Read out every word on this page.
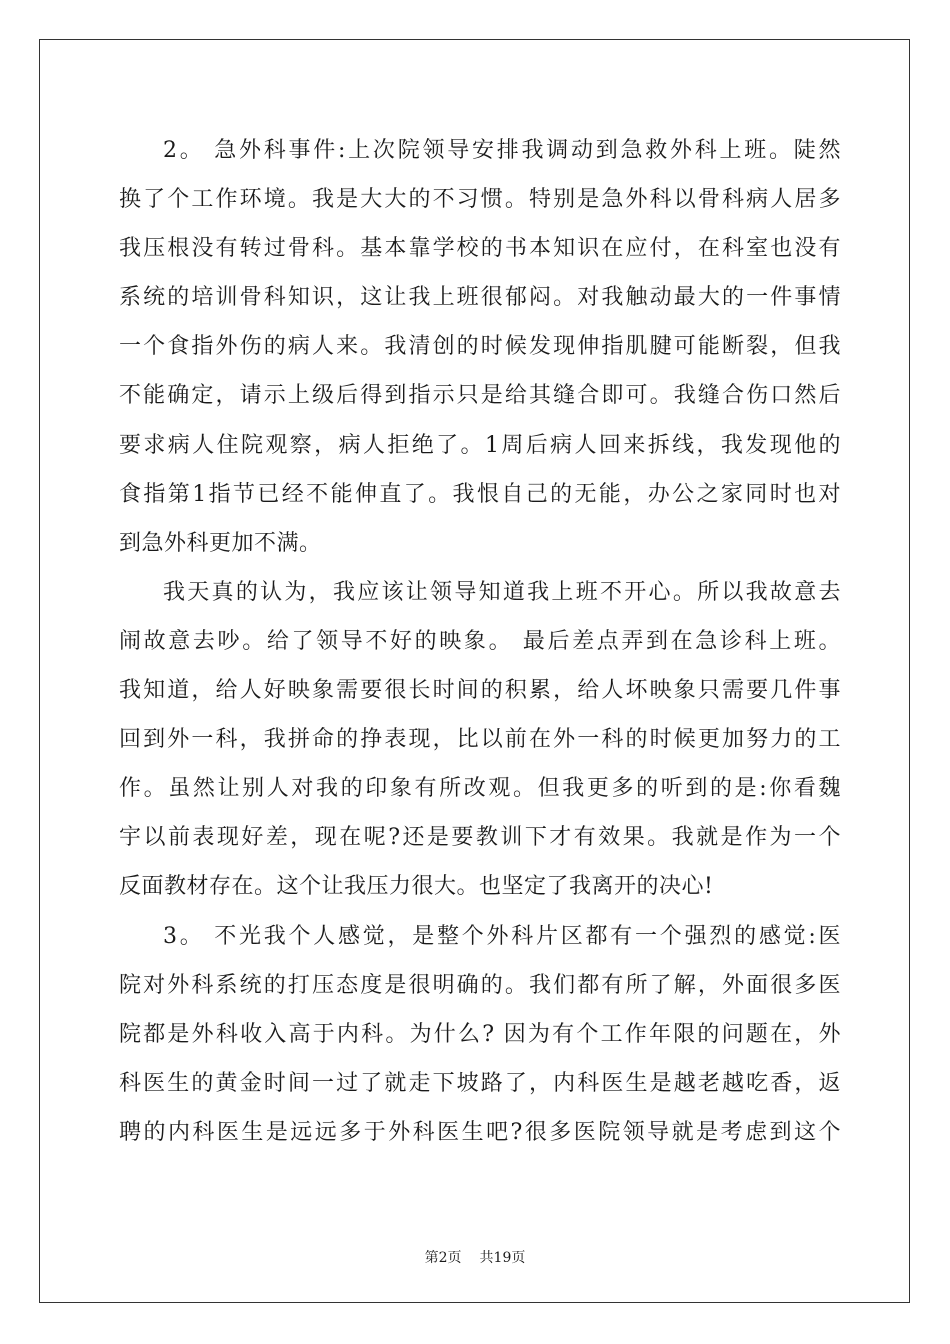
2。 急外科事件:上次院领导安排我调动到急救外科上班。陡然
换了个工作环境。我是大大的不习惯。特别是急外科以骨科病人居多
我压根没有转过骨科。基本靠学校的书本知识在应付，在科室也没有
系统的培训骨科知识，这让我上班很郁闷。对我触动最大的一件事情
一个食指外伤的病人来。我清创的时候发现伸指肌腱可能断裂，但我
不能确定，请示上级后得到指示只是给其缝合即可。我缝合伤口然后
要求病人住院观察，病人拒绝了。1周后病人回来拆线，我发现他的
食指第1指节已经不能伸直了。我恨自己的无能，办公之家同时也对
到急外科更加不满。
我天真的认为，我应该让领导知道我上班不开心。所以我故意去
闹故意去吵。给了领导不好的映象。 最后差点弄到在急诊科上班。
我知道，给人好映象需要很长时间的积累，给人坏映象只需要几件事
回到外一科，我拼命的挣表现，比以前在外一科的时候更加努力的工
作。虽然让别人对我的印象有所改观。但我更多的听到的是:你看魏
宇以前表现好差，现在呢?还是要教训下才有效果。我就是作为一个
反面教材存在。这个让我压力很大。也坚定了我离开的决心!
3。 不光我个人感觉，是整个外科片区都有一个强烈的感觉:医
院对外科系统的打压态度是很明确的。我们都有所了解，外面很多医
院都是外科收入高于内科。为什么? 因为有个工作年限的问题在，外
科医生的黄金时间一过了就走下坡路了，内科医生是越老越吃香，返
聘的内科医生是远远多于外科医生吧?很多医院领导就是考虑到这个
第2页 共19页
